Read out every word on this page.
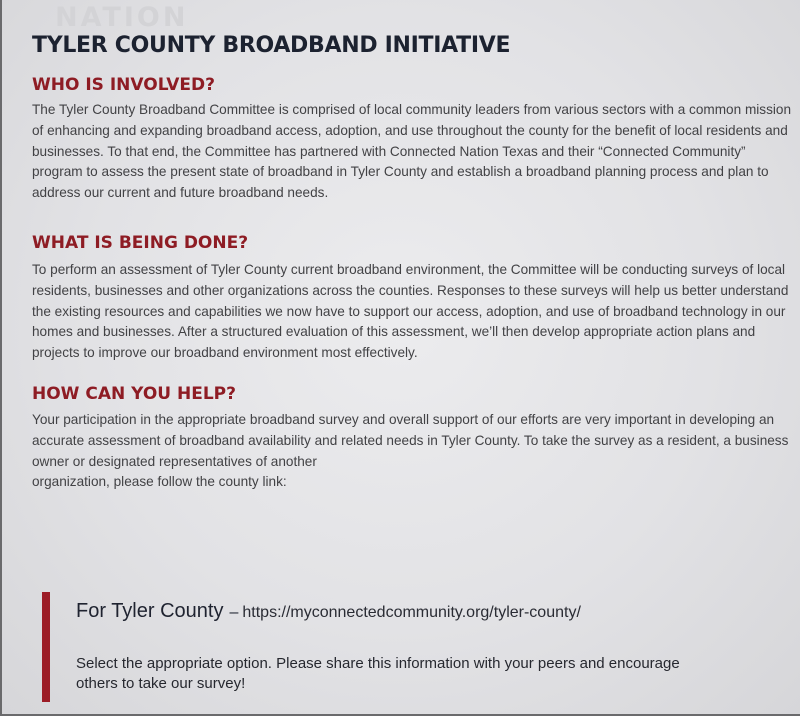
NATION
TYLER COUNTY BROADBAND INITIATIVE
WHO IS INVOLVED?

The Tyler County Broadband Committee is comprised of local community leaders from various sectors with a common mission of enhancing and expanding broadband access, adoption, and use throughout the county for the benefit of local residents and businesses. To that end, the Committee has partnered with Connected Nation Texas and their “Connected Community” program to assess the present state of broadband in Tyler County and establish a broadband planning process and plan to address our current and future broadband needs.

WHAT IS BEING DONE?

To perform an assessment of Tyler County current broadband environment, the Committee will be conducting surveys of local residents, businesses and other organizations across the counties. Responses to these surveys will help us better understand the existing resources and capabilities we now have to support our access, adoption, and use of broadband technology in our homes and businesses. After a structured evaluation of this assessment, we’ll then develop appropriate action plans and projects to improve our broadband environment most effectively.

HOW CAN YOU HELP?

Your participation in the appropriate broadband survey and overall support of our efforts are very important in developing an accurate assessment of broadband availability and related needs in Tyler County. To take the survey as a resident, a business owner or designated representatives of another
organization, please follow the county link:

For Tyler County – https://myconnectedcommunity.org/tyler-county/

Select the appropriate option. Please share this information with your peers and encourage others to take our survey!
